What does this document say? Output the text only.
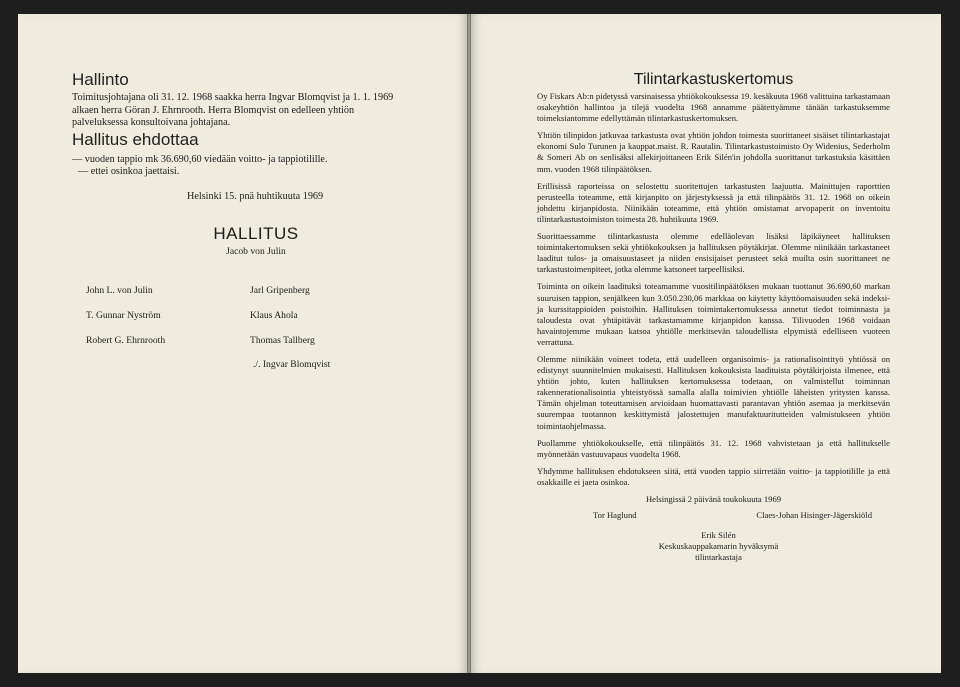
Hallinto
Toimitusjohtajana oli 31. 12. 1968 saakka herra Ingvar Blomqvist ja 1. 1. 1969 alkaen herra Göran J. Ehrnrooth. Herra Blomqvist on edelleen yhtiön palveluksessa konsultoivana johtajana.
Hallitus ehdottaa
— vuoden tappio mk 36.690,60 viedään voitto- ja tappiotilille.
— ettei osinkoa jaettaisi.
Helsinki 15. pnä huhtikuuta 1969
HALLITUS
Jacob von Julin
John L. von Julin	Jarl Gripenberg
T. Gunnar Nyström	Klaus Ahola
Robert G. Ehrnrooth	Thomas Tallberg
./. Ingvar Blomqvist
Tilintarkastuskertomus

Oy Fiskars Ab:n pidetyssä varsinaisessa yhtiökokouksessa 19. kesäkuuta 1968 valittuina tarkastamaan osakeyhtiön hallintoa ja tilejä vuodelta 1968 annamme päätettyämme tänään tarkastuksemme toimeksiantomme edellyttämän tilintarkastuskertomuksen.

Yhtiön tilinpidon jatkuvaa tarkastusta ovat yhtiön johdon toimesta suorittaneet sisäiset tilintarkastajat ekonomi Sulo Turunen ja kauppat.maist. R. Rautalin. Tilintarkastustoimisto Oy Widenius, Sederholm & Someri Ab on senlisäksi allekirjoittaneen Erik Silén'in johdolla suorittanut tarkastuksia käsittäen mm. vuoden 1968 tilinpäätöksen.

Erillisissä raporteissa on selostettu suoritettujen tarkastusten laajuutta. Mainittujen raporttien perusteella toteamme, että kirjanpito on järjestyksessä ja että tilinpäätös 31. 12. 1968 on oikein johdettu kirjanpidosta. Niinikään toteamme, että yhtiön omistamat arvopaperit on inventoitu tilintarkastustoimiston toimesta 28. huhtikuuta 1969.

Suorittaessamme tilintarkastusta olemme edelläolevan lisäksi läpikäyneet hallituksen toimintakertomuksen sekä yhtiökokouksen ja hallituksen pöytäkirjat. Olemme niinikään tarkastaneet laaditut tulos- ja omaisuustaseet ja niiden ensisijaiset perusteet sekä muilta osin suorittaneet ne tarkastustoimenpiteet, jotka olemme katsoneet tarpeellisiksi.

Toiminta on oikein laadituksi toteamamme vuositilinpäätöksen mukaan tuottanut 36.690,60 markan suuruisen tappion, senjälkeen kun 3.050.230,06 markkaa on käytetty käyttöomaisuuden sekä indeksi- ja kurssitappioiden poistoihin. Hallituksen toimintakertomuksessa annetut tiedot toiminnasta ja taloudesta ovat yhtäpitävät tarkastamamme kirjanpidon kanssa. Tilivuoden 1968 voidaan havaintojemme mukaan katsoa yhtiölle merkitsevän taloudellista elpymistä edelliseen vuoteen verrattuna.

Olemme niinikään voineet todeta, että uudelleen organisoimis- ja rationalisointityö yhtiössä on edistynyt suunnitelmien mukaisesti. Hallituksen kokouksista laadituista pöytäkirjoista ilmenee, että yhtiön johto, kuten hallituksen kertomuksessa todetaan, on valmistellut toiminnan rakennerationalisointia yhteistyössä samalla alalla toimivien yhtiölle läheisten yritysten kanssa. Tämän ohjelman toteuttamisen arvioidaan huomattavasti parantavan yhtiön asemaa ja merkitsevän suurempaa tuotannon keskittymistä jalostettujen manufaktuuritutteiden valmistukseen yhtiön toimintaohjelmassa.

Puollamme yhtiökokoukselle, että tilinpäätös 31. 12. 1968 vahvistetaan ja että hallitukselle myönnetään vastuuvapaus vuodelta 1968.

Yhdymme hallituksen ehdotukseen siitä, että vuoden tappio siirretään voitto- ja tappiotilille ja että osakkaille ei jaeta osinkoa.

Helsingissä 2 päivänä toukokuuta 1969
Tor Haglund	Claes-Johan Hisinger-Jägerskiöld
Erik Silén
Keskuskauppakamarin hyväksymä
tilintarkastaja
